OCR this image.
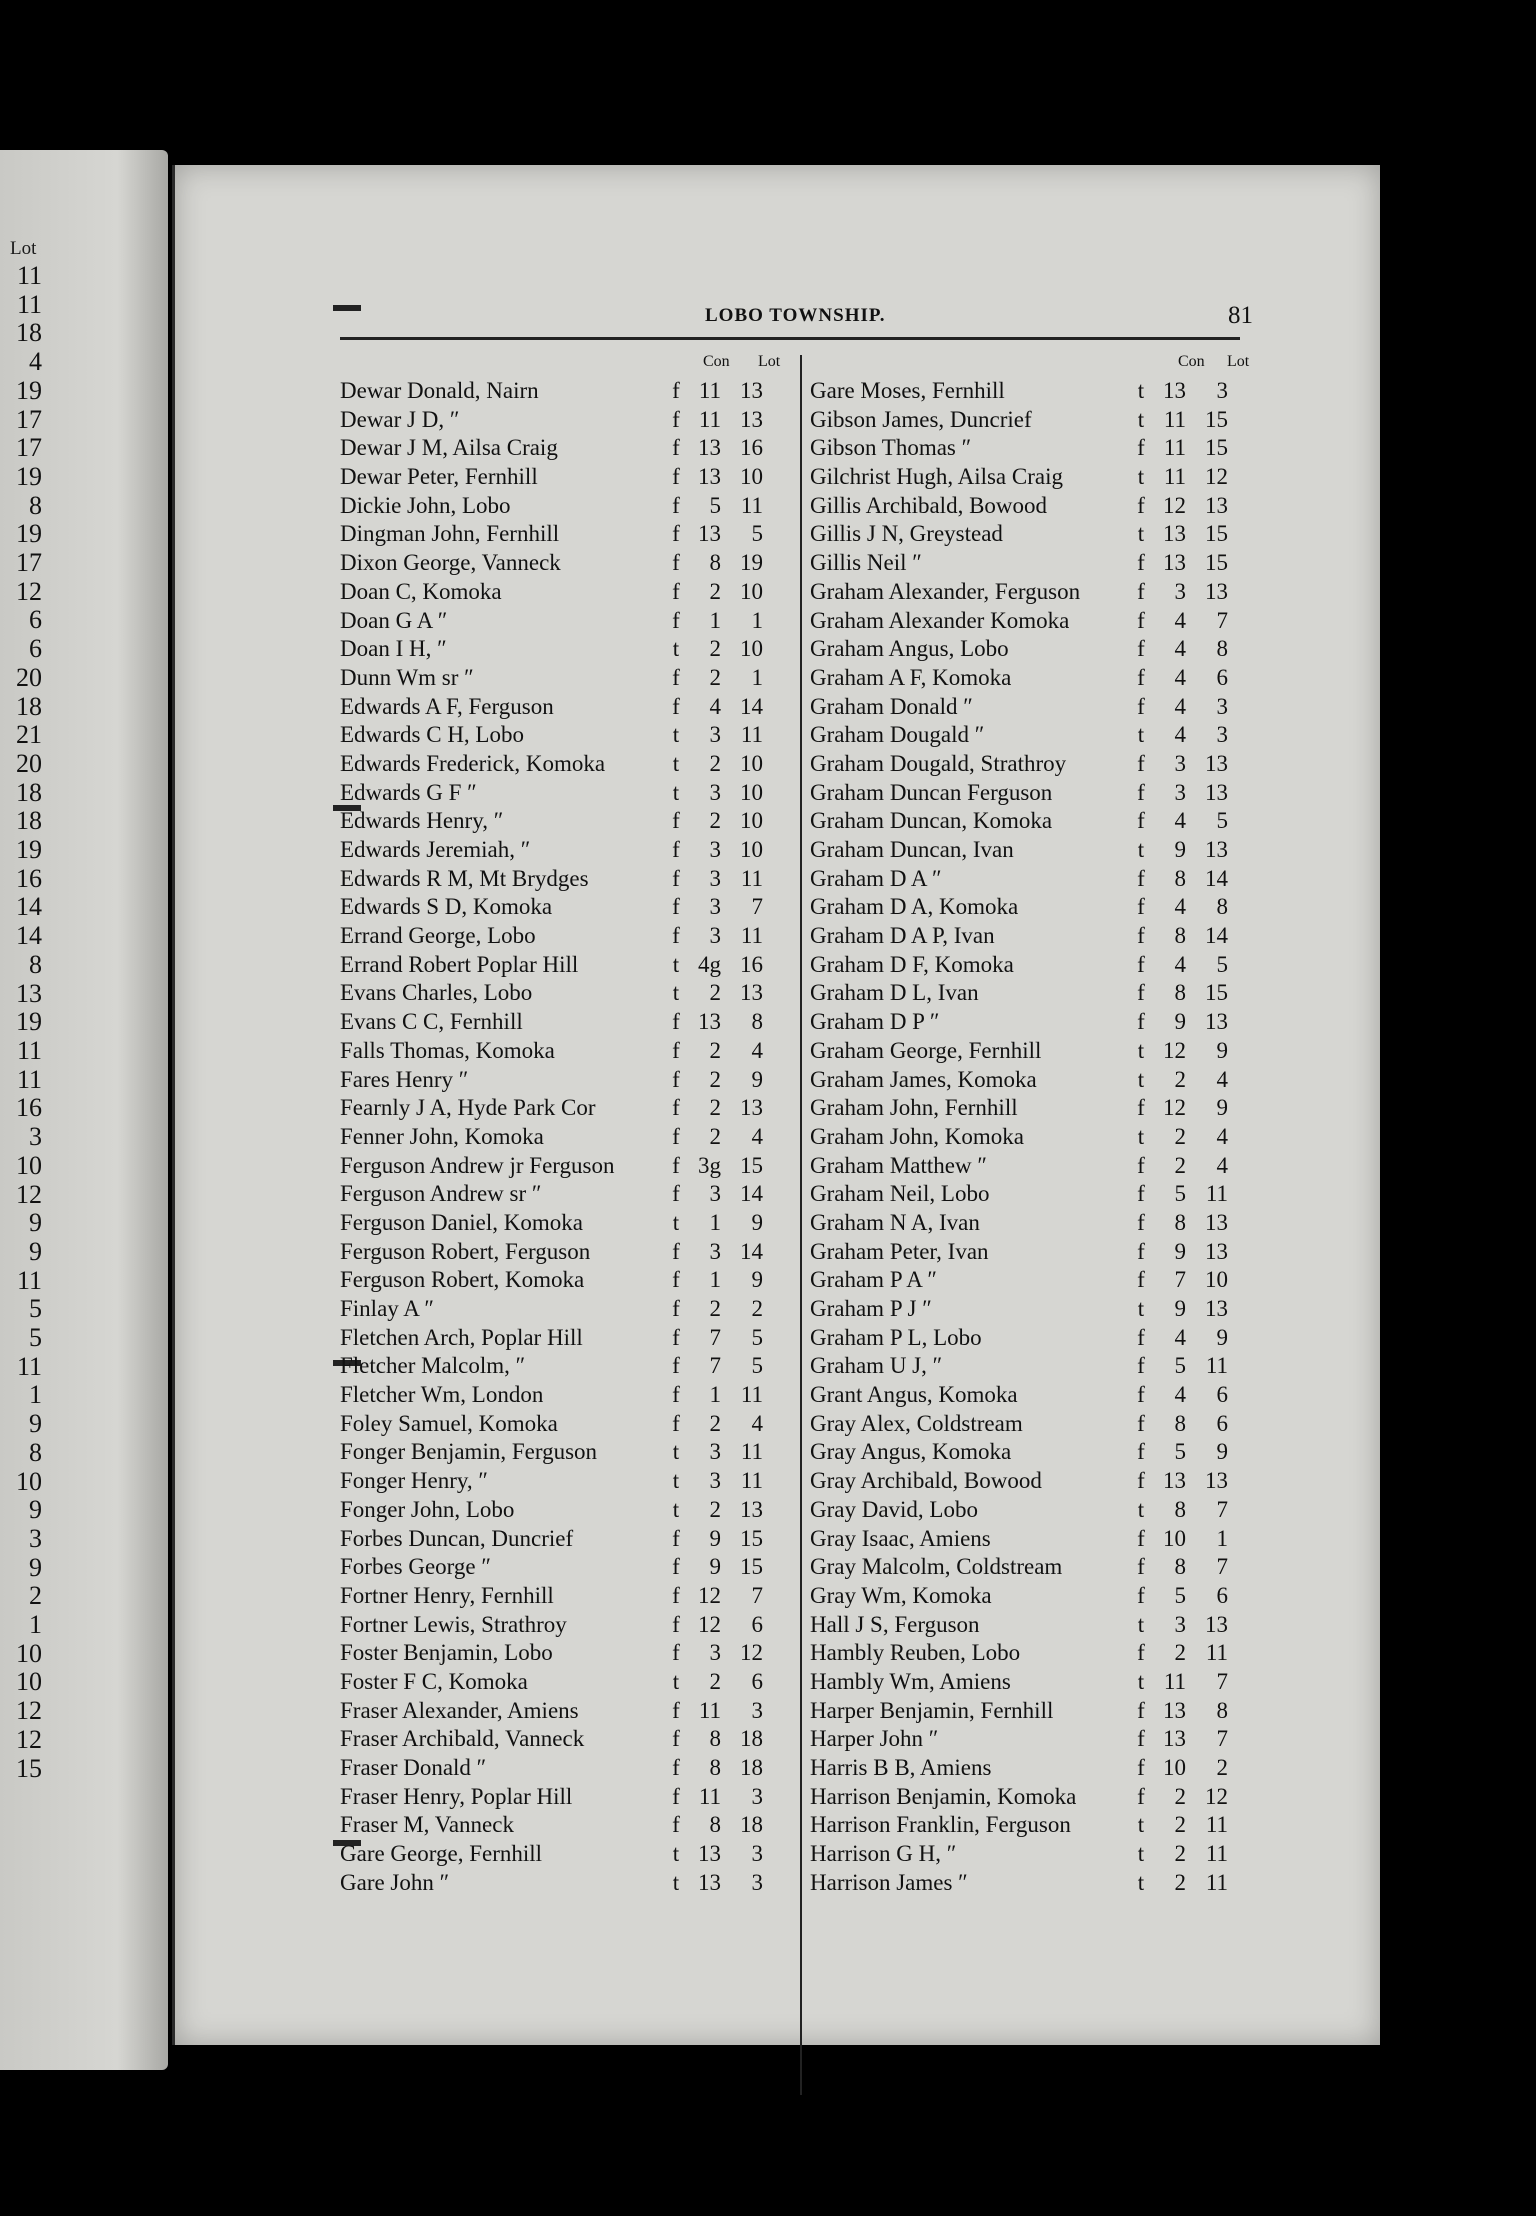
Lot
11
11
18
4
19
17
17
19
8
19
17
12
6
6
20
18
21
20
18
18
19
16
14
14
8
13
19
11
11
16
3
10
12
9
9
11
5
5
11
1
9
8
10
9
3
9
2
1
10
10
12
12
15
LOBO TOWNSHIP.	81
Con Lot	Con Lot
Dewar Donald, Nairn	f 11 13
Dewar J D, ″	f 11 13
Dewar J M, Ailsa Craig	f 13 16
Dewar Peter, Fernhill	f 13 10
Dickie John, Lobo	f	5 11
Dingman John, Fernhill	f 13	5
Dixon George, Vanneck	f	8 19
Doan C, Komoka	f	2 10
Doan G A ″	f	1	1
Doan I H, ″	t	2 10
Dunn Wm sr ″	f	2	1
Edwards A F, Ferguson	f	4 14
Edwards C H, Lobo	t	3 11
Edwards Frederick, Komoka	t	2 10
Edwards G F ″	t	3 10
Edwards Henry, ″	f	2 10
Edwards Jeremiah, ″	f	3 10
Edwards R M, Mt Brydges	f	3 11
Edwards S D, Komoka	f	3	7
Errand George, Lobo	f	3 11
Errand Robert Poplar Hill	t 4g 16
Evans Charles, Lobo	t	2 13
Evans C C, Fernhill	f 13	8
Falls Thomas, Komoka	f	2	4
Fares Henry ″	f	2	9
Fearnly J A, Hyde Park Cor	f	2 13
Fenner John, Komoka	f	2	4
Ferguson Andrew jr Ferguson	f 3g 15
Ferguson Andrew sr ″	f	3 14
Ferguson Daniel, Komoka	t	1	9
Ferguson Robert, Ferguson	f	3 14
Ferguson Robert, Komoka	f	1	9
Finlay A ″	f	2	2
Fletchen Arch, Poplar Hill	f	7	5
Fletcher Malcolm, ″	f	7	5
Fletcher Wm, London	f	1 11
Foley Samuel, Komoka	f	2	4
Fonger Benjamin, Ferguson	t	3 11
Fonger Henry, ″	t	3 11
Fonger John, Lobo	t	2 13
Forbes Duncan, Duncrief	f	9 15
Forbes George ″	f	9 15
Fortner Henry, Fernhill	f 12	7
Fortner Lewis, Strathroy	f 12	6
Foster Benjamin, Lobo	f	3 12
Foster F C, Komoka	t	2	6
Fraser Alexander, Amiens	f 11	3
Fraser Archibald, Vanneck	f	8 18
Fraser Donald ″	f	8 18
Fraser Henry, Poplar Hill	f 11	3
Fraser M, Vanneck	f	8 18
Gare George, Fernhill	t 13	3
Gare John ″	t 13	3
Gare Moses, Fernhill	t 13	3
Gibson James, Duncrief	t 11 15
Gibson Thomas ″	f 11 15
Gilchrist Hugh, Ailsa Craig	t 11 12
Gillis Archibald, Bowood	f 12 13
Gillis J N, Greystead	t 13 15
Gillis Neil ″	f 13 15
Graham Alexander, Ferguson	f	3 13
Graham Alexander Komoka	f	4	7
Graham Angus, Lobo	f	4	8
Graham A F, Komoka	f	4	6
Graham Donald ″	f	4	3
Graham Dougald ″	t	4	3
Graham Dougald, Strathroy	f	3 13
Graham Duncan Ferguson	f	3 13
Graham Duncan, Komoka	f	4	5
Graham Duncan, Ivan	t	9 13
Graham D A ″	f	8 14
Graham D A, Komoka	f	4	8
Graham D A P, Ivan	f	8 14
Graham D F, Komoka	f	4	5
Graham D L, Ivan	f	8 15
Graham D P ″	f	9 13
Graham George, Fernhill	t 12	9
Graham James, Komoka	t	2	4
Graham John, Fernhill	f 12	9
Graham John, Komoka	t	2	4
Graham Matthew ″	f	2	4
Graham Neil, Lobo	f	5 11
Graham N A, Ivan	f	8 13
Graham Peter, Ivan	f	9 13
Graham P A ″	f	7 10
Graham P J ″	t	9 13
Graham P L, Lobo	f	4	9
Graham U J, ″	f	5 11
Grant Angus, Komoka	f	4	6
Gray Alex, Coldstream	f	8	6
Gray Angus, Komoka	f	5	9
Gray Archibald, Bowood	f 13 13
Gray David, Lobo	t	8	7
Gray Isaac, Amiens	f 10	1
Gray Malcolm, Coldstream	f	8	7
Gray Wm, Komoka	f	5	6
Hall J S, Ferguson	t	3 13
Hambly Reuben, Lobo	f	2 11
Hambly Wm, Amiens	t 11	7
Harper Benjamin, Fernhill	f 13	8
Harper John ″	f 13	7
Harris B B, Amiens	f 10	2
Harrison Benjamin, Komoka	f	2 12
Harrison Franklin, Ferguson	t	2 11
Harrison G H, ″	t	2 11
Harrison James ″	t	2 11
